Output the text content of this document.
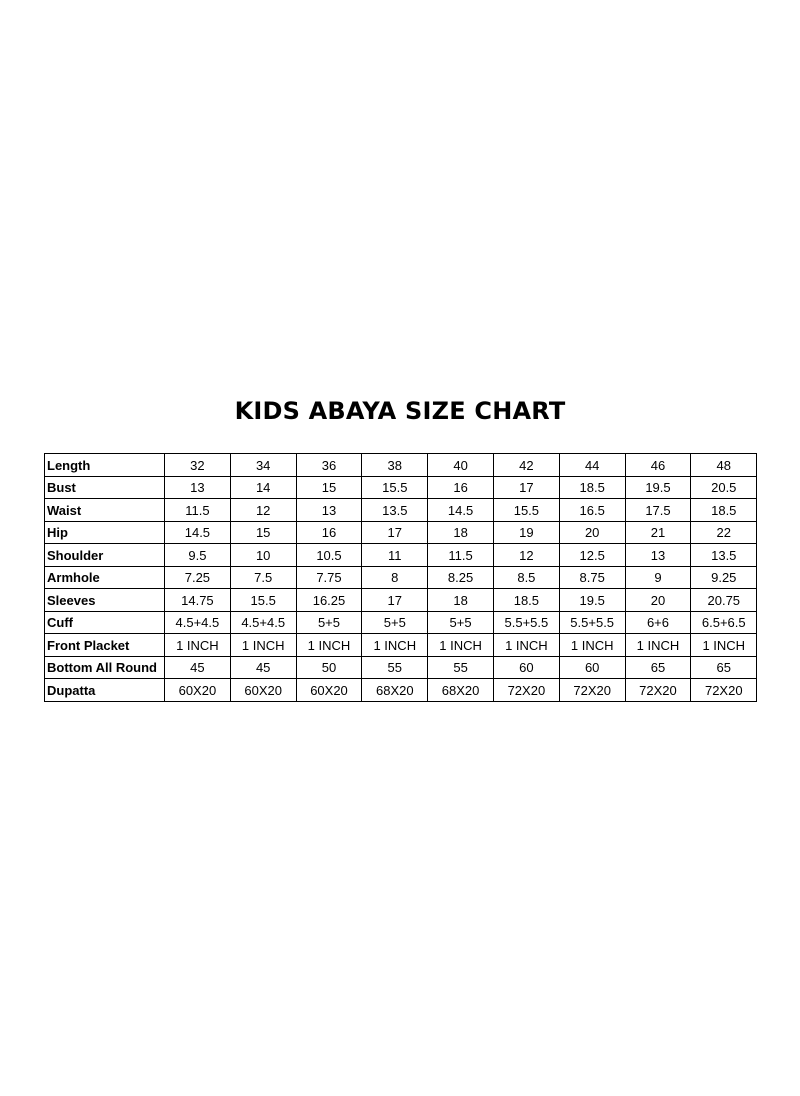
KIDS ABAYA SIZE CHART
Length	32	34	36	38	40	42	44	46	48
Bust	13	14	15	15.5	16	17	18.5	19.5	20.5
Waist	11.5	12	13	13.5	14.5	15.5	16.5	17.5	18.5
Hip	14.5	15	16	17	18	19	20	21	22
Shoulder	9.5	10	10.5	11	11.5	12	12.5	13	13.5
Armhole	7.25	7.5	7.75	8	8.25	8.5	8.75	9	9.25
Sleeves	14.75	15.5	16.25	17	18	18.5	19.5	20	20.75
Cuff	4.5+4.5	4.5+4.5	5+5	5+5	5+5	5.5+5.5	5.5+5.5	6+6	6.5+6.5
Front Placket	1 INCH	1 INCH	1 INCH	1 INCH	1 INCH	1 INCH	1 INCH	1 INCH	1 INCH
Bottom All Round	45	45	50	55	55	60	60	65	65
Dupatta	60X20	60X20	60X20	68X20	68X20	72X20	72X20	72X20	72X20
